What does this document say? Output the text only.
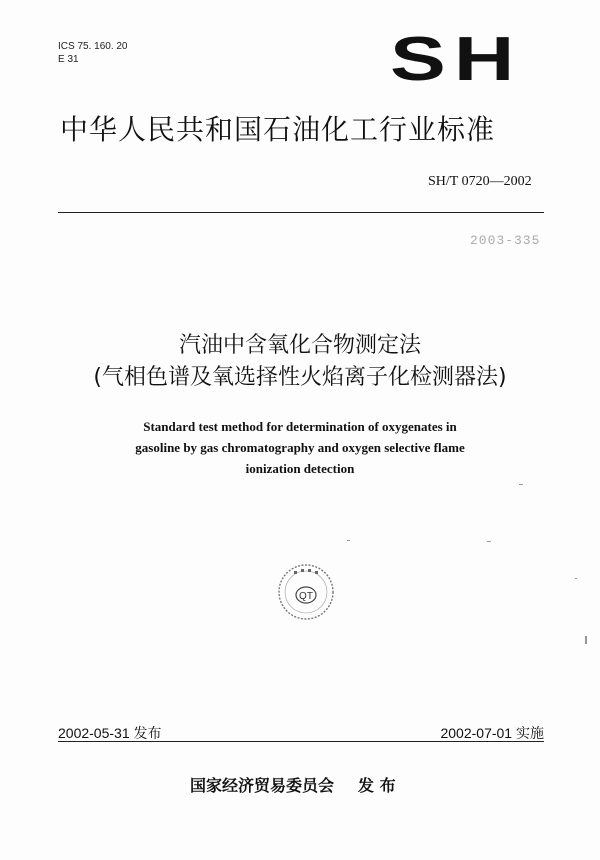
ICS 75. 160. 20
E 31	SH
中华人民共和国石油化工行业标准
SH/T 0720—2002
2003-335
汽油中含氧化合物测定法
(气相色谱及氧选择性火焰离子化检测器法)
Standard test method for determination of oxygenates in
gasoline by gas chromatography and oxygen selective flame
ionization detection
QT
2002-05-31 发布	2002-07-01 实施
国家经济贸易委员会 发 布
